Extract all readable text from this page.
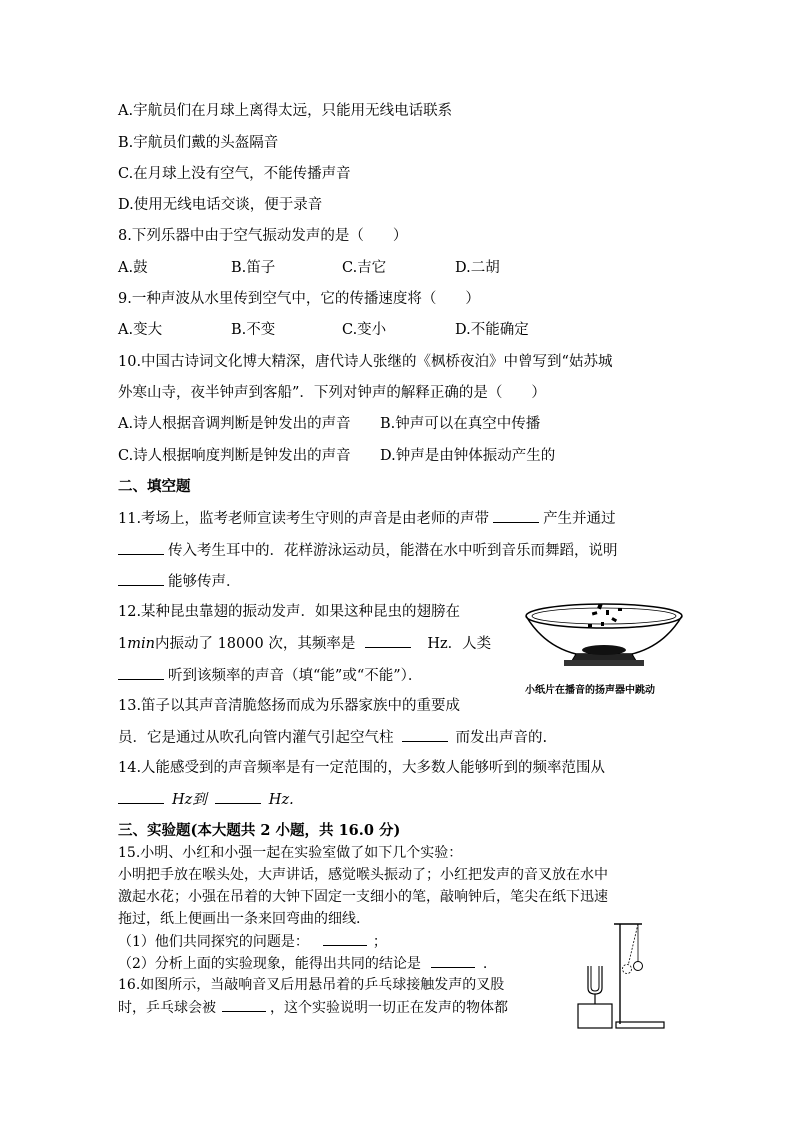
A.宇航员们在月球上离得太远，只能用无线电话联系
B.宇航员们戴的头盔隔音
C.在月球上没有空气，不能传播声音
D.使用无线电话交谈，便于录音
8.下列乐器中由于空气振动发声的是（　　）
A.鼓	B.笛子	C.吉它	D.二胡
9.一种声波从水里传到空气中，它的传播速度将（　　）
A.变大	B.不变	C.变小	D.不能确定
10.中国古诗词文化博大精深，唐代诗人张继的《枫桥夜泊》中曾写到“姑苏城
外寒山寺，夜半钟声到客船”．下列对钟声的解释正确的是（　　）
A.诗人根据音调判断是钟发出的声音 B.钟声可以在真空中传播
C.诗人根据响度判断是钟发出的声音 D.钟声是由钟体振动产生的
二、填空题
11.考场上，监考老师宣读考生守则的声音是由老师的声带	产生并通过
传入考生耳中的．花样游泳运动员，能潜在水中听到音乐而舞蹈，说明
能够传声．
12.某种昆虫靠翅的振动发声．如果这种昆虫的翅膀在
1min内振动了 18000 次，其频率是	Hz．人类
听到该频率的声音（填“能”或“不能”）．
小纸片在播音的扬声器中跳动
13.笛子以其声音清脆悠扬而成为乐器家族中的重要成
员．它是通过从吹孔向管内灌气引起空气柱	而发出声音的.
14.人能感受到的声音频率是有一定范围的，大多数人能够听到的频率范围从
Hz到	Hz.
三、实验题(本大题共 2 小题，共 16.0 分)
15.小明、小红和小强一起在实验室做了如下几个实验：
小明把手放在喉头处，大声讲话，感觉喉头振动了；小红把发声的音叉放在水中
激起水花；小强在吊着的大钟下固定一支细小的笔，敲响钟后，笔尖在纸下迅速
拖过，纸上便画出一条来回弯曲的细线.
（1）他们共同探究的问题是：	；
（2）分析上面的实验现象，能得出共同的结论是	.
16.如图所示，当敲响音叉后用悬吊着的乒乓球接触发声的叉股
时，乒乓球会被	，这个实验说明一切正在发声的物体都
